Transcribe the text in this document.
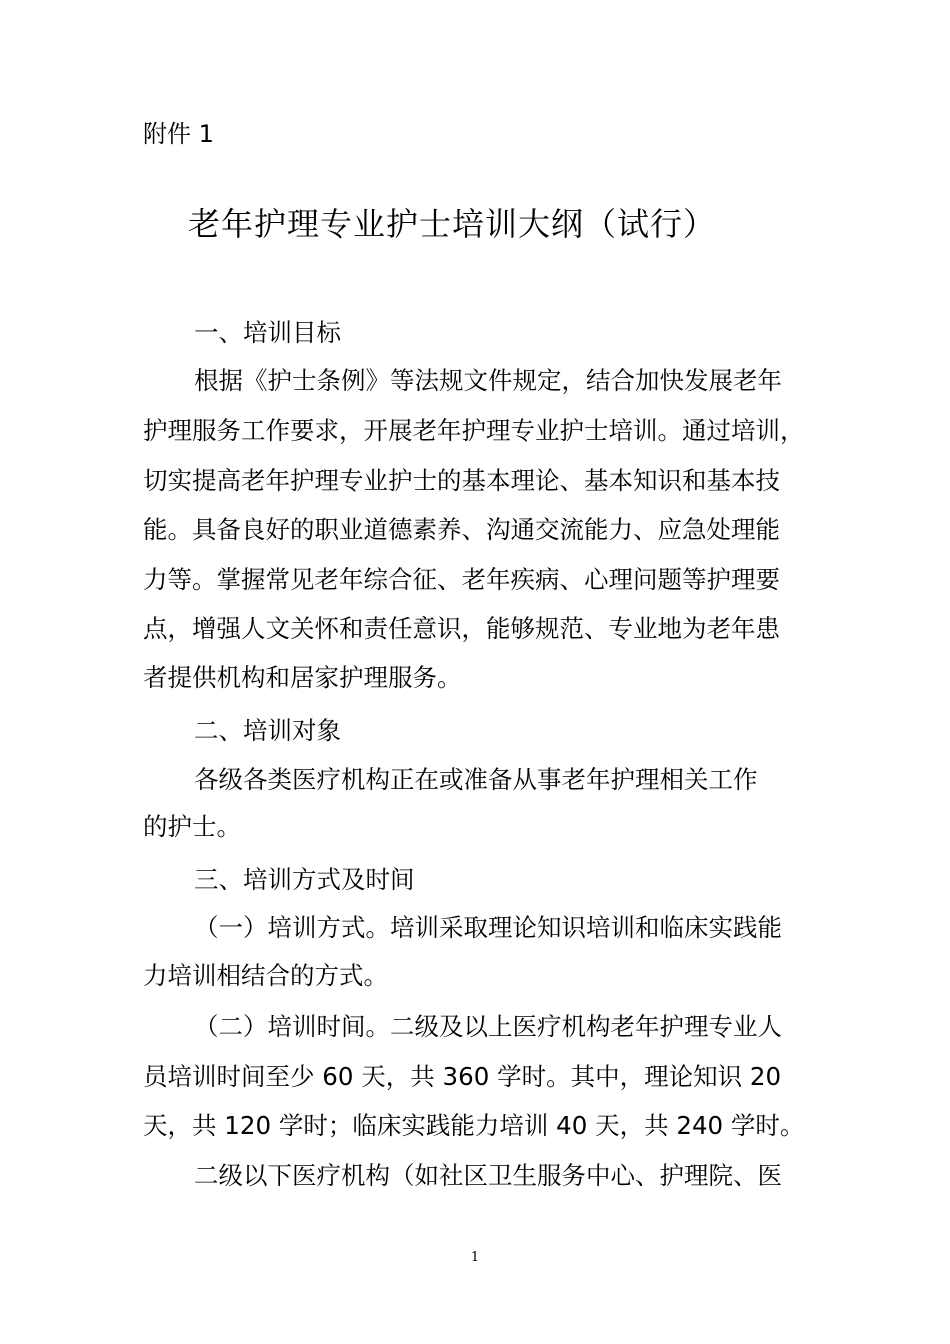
附件 1
老年护理专业护士培训大纲（试行）
一、培训目标
根据《护士条例》等法规文件规定，结合加快发展老年
护理服务工作要求，开展老年护理专业护士培训。通过培训，
切实提高老年护理专业护士的基本理论、基本知识和基本技
能。具备良好的职业道德素养、沟通交流能力、应急处理能
力等。掌握常见老年综合征、老年疾病、心理问题等护理要
点，增强人文关怀和责任意识，能够规范、专业地为老年患
者提供机构和居家护理服务。
二、培训对象
各级各类医疗机构正在或准备从事老年护理相关工作
的护士。
三、培训方式及时间
（一）培训方式。培训采取理论知识培训和临床实践能
力培训相结合的方式。
（二）培训时间。二级及以上医疗机构老年护理专业人
员培训时间至少 60 天，共 360 学时。其中，理论知识 20
天，共 120 学时；临床实践能力培训 40 天，共 240 学时。
二级以下医疗机构（如社区卫生服务中心、护理院、医
1
